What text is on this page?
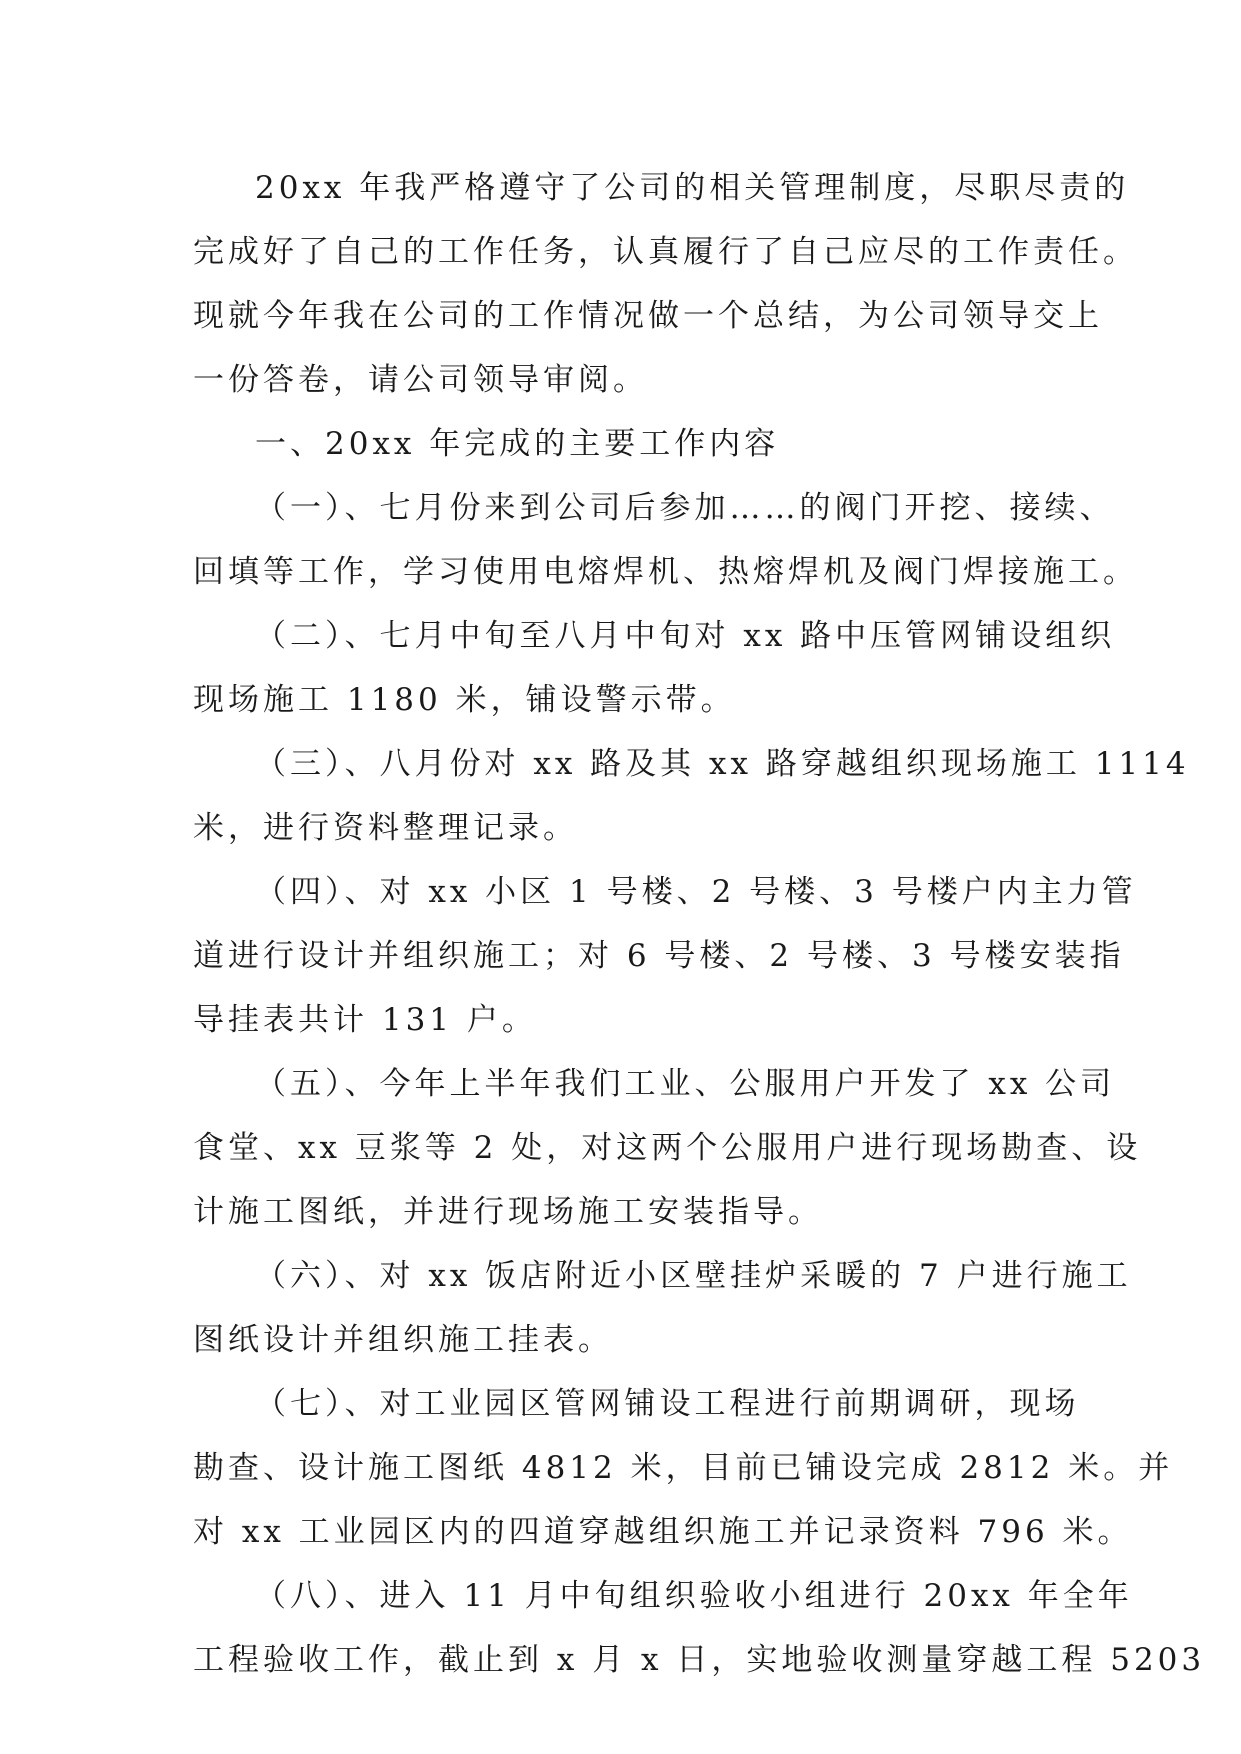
20xx 年我严格遵守了公司的相关管理制度，尽职尽责的
完成好了自己的工作任务，认真履行了自己应尽的工作责任。
现就今年我在公司的工作情况做一个总结，为公司领导交上
一份答卷，请公司领导审阅。
一、20xx 年完成的主要工作内容
（一）、七月份来到公司后参加……的阀门开挖、接续、
回填等工作，学习使用电熔焊机、热熔焊机及阀门焊接施工。
（二）、七月中旬至八月中旬对 xx 路中压管网铺设组织
现场施工 1180 米，铺设警示带。
（三）、八月份对 xx 路及其 xx 路穿越组织现场施工 1114
米，进行资料整理记录。
（四）、对 xx 小区 1 号楼、2 号楼、3 号楼户内主力管
道进行设计并组织施工；对 6 号楼、2 号楼、3 号楼安装指
导挂表共计 131 户。
（五）、今年上半年我们工业、公服用户开发了 xx 公司
食堂、xx 豆浆等 2 处，对这两个公服用户进行现场勘查、设
计施工图纸，并进行现场施工安装指导。
（六）、对 xx 饭店附近小区壁挂炉采暖的 7 户进行施工
图纸设计并组织施工挂表。
（七）、对工业园区管网铺设工程进行前期调研，现场
勘查、设计施工图纸 4812 米，目前已铺设完成 2812 米。并
对 xx 工业园区内的四道穿越组织施工并记录资料 796 米。
（八）、进入 11 月中旬组织验收小组进行 20xx 年全年
工程验收工作，截止到 x 月 x 日，实地验收测量穿越工程 5203
